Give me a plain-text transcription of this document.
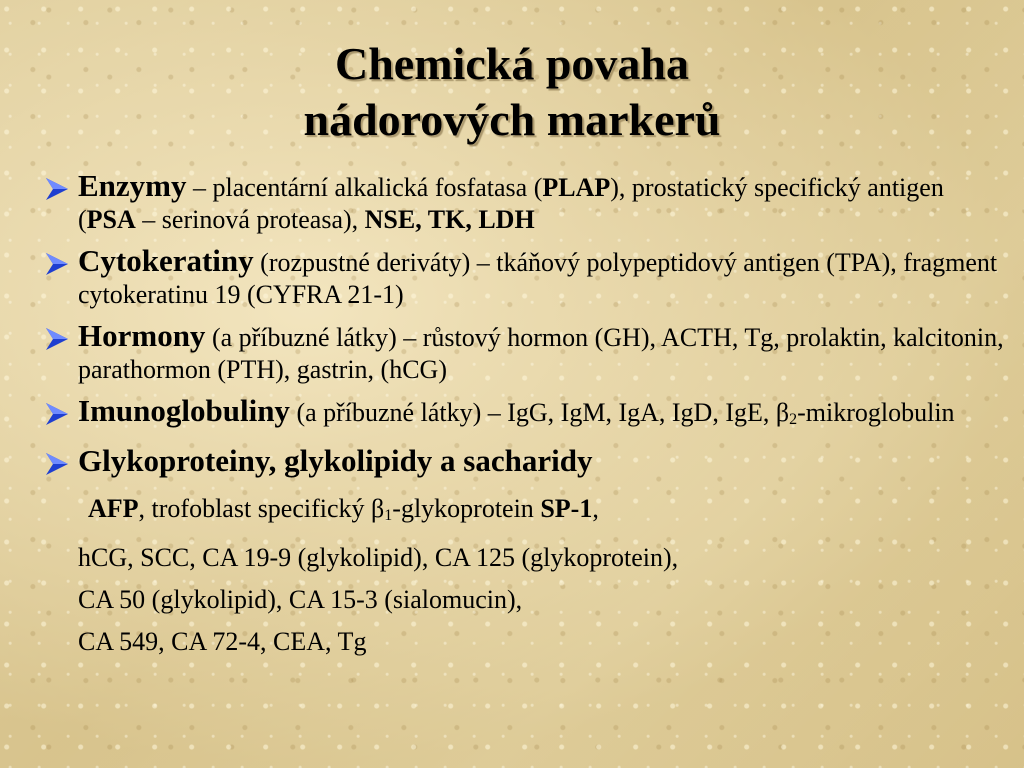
Chemická povaha
nádorových markerů

Enzymy – placentární alkalická fosfatasa (PLAP), prostatický specifický antigen (PSA – serinová proteasa), NSE, TK, LDH

Cytokeratiny (rozpustné deriváty) – tkáňový polypeptidový antigen (TPA), fragment cytokeratinu 19 (CYFRA 21-1)

Hormony (a příbuzné látky) – růstový hormon (GH), ACTH, Tg, prolaktin, kalcitonin, parathormon (PTH), gastrin, (hCG)

Imunoglobuliny (a příbuzné látky) – IgG, IgM, IgA, IgD, IgE, $\beta_2$-mikroglobulin

Glykoproteiny, glykolipidy a sacharidy

AFP, trofoblast specifický $\beta_1$-glykoprotein SP-1,
hCG, SCC, CA 19-9 (glykolipid), CA 125 (glykoprotein),
CA 50 (glykolipid), CA 15-3 (sialomucin),
CA 549, CA 72-4, CEA, Tg
